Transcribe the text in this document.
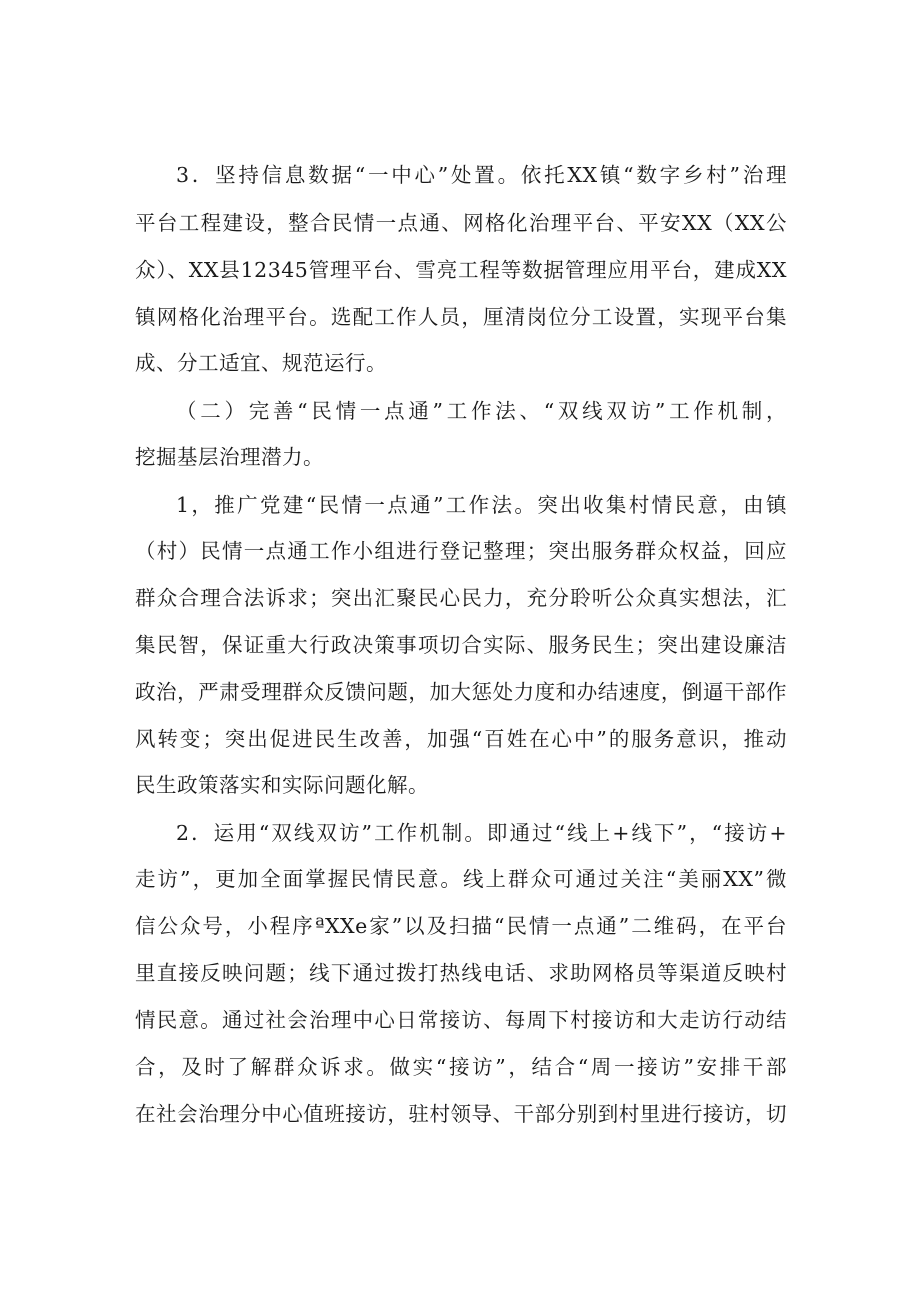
3．坚持信息数据“一中心”处置。依托XX镇“数字乡村”治理
平台工程建设，整合民情一点通、网格化治理平台、平安XX（XX公
众）、XX县12345管理平台、雪亮工程等数据管理应用平台，建成XX
镇网格化治理平台。选配工作人员，厘清岗位分工设置，实现平台集
成、分工适宜、规范运行。
（二）完善“民情一点通”工作法、“双线双访”工作机制，
挖掘基层治理潜力。
1，推广党建“民情一点通”工作法。突出收集村情民意，由镇
（村）民情一点通工作小组进行登记整理；突出服务群众权益，回应
群众合理合法诉求；突出汇聚民心民力，充分聆听公众真实想法，汇
集民智，保证重大行政决策事项切合实际、服务民生；突出建设廉洁
政治，严肃受理群众反馈问题，加大惩处力度和办结速度，倒逼干部作
风转变；突出促进民生改善，加强“百姓在心中”的服务意识，推动
民生政策落实和实际问题化解。
2．运用“双线双访”工作机制。即通过“线上+线下”，“接访+
走访”，更加全面掌握民情民意。线上群众可通过关注“美丽XX”微
信公众号，小程序ªXXe家”以及扫描“民情一点通”二维码，在平台
里直接反映问题；线下通过拨打热线电话、求助网格员等渠道反映村
情民意。通过社会治理中心日常接访、每周下村接访和大走访行动结
合，及时了解群众诉求。做实“接访”，结合“周一接访”安排干部
在社会治理分中心值班接访，驻村领导、干部分别到村里进行接访，切
